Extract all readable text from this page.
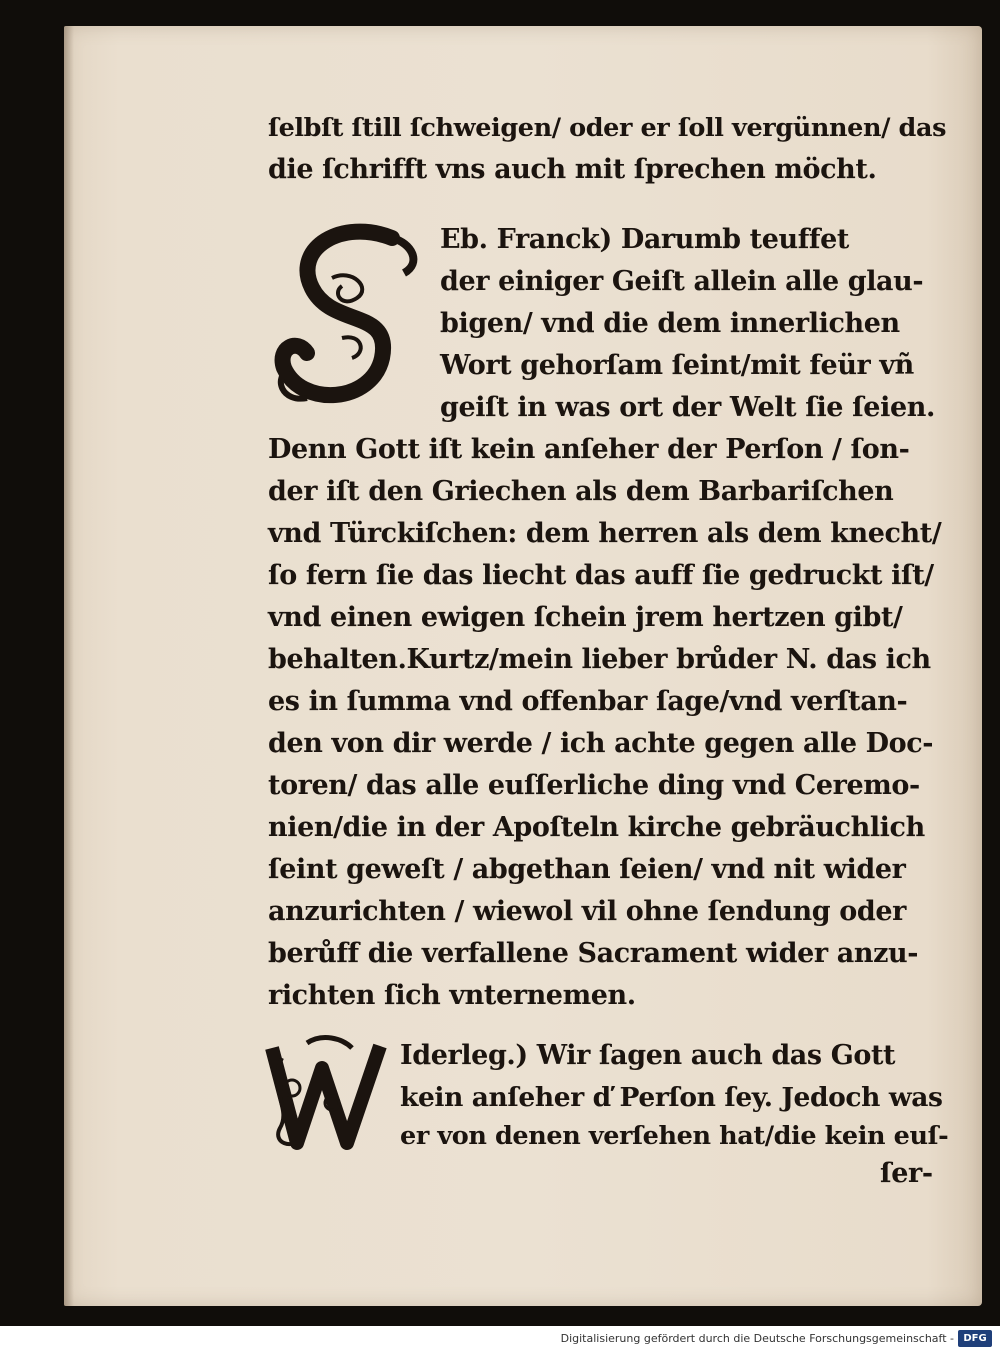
ſelbſt ſtill ſchweigen/ oder er ſoll vergünnen/ das
die ſchrifft vns auch mit ſprechen möcht.
Eb. Franck) Darumb teuffet
der einiger Geiſt allein alle glau-
bigen/ vnd die dem innerlichen
Wort gehorſam ſeint/mit feür vñ
geiſt in was ort der Welt ſie ſeien.
Denn Gott iſt kein anſeher der Perſon / ſon-
der iſt den Griechen als dem Barbariſchen
vnd Türckiſchen: dem herren als dem knecht/
ſo fern ſie das liecht das auff ſie gedruckt iſt/
vnd einen ewigen ſchein jrem hertzen gibt/
behalten.Kurtz/mein lieber brůder N. das ich
es in ſumma vnd offenbar ſage/vnd verſtan-
den von dir werde / ich achte gegen alle Doc-
toren/ das alle euſſerliche ding vnd Ceremo-
nien/die in der Apoſteln kirche gebräuchlich
ſeint geweſt / abgethan ſeien/ vnd nit wider
anzurichten / wiewol vil ohne ſendung oder
berůff die verfallene Sacrament wider anzu-
richten ſich vnternemen.
Iderleg.) Wir ſagen auch das Gott
kein anſeher ď Perſon ſey. Jedoch was
er von denen verſehen hat/die kein euſ-
ſer-
Digitalisierung gefördert durch die Deutsche Forschungsgemeinschaft - DFG
